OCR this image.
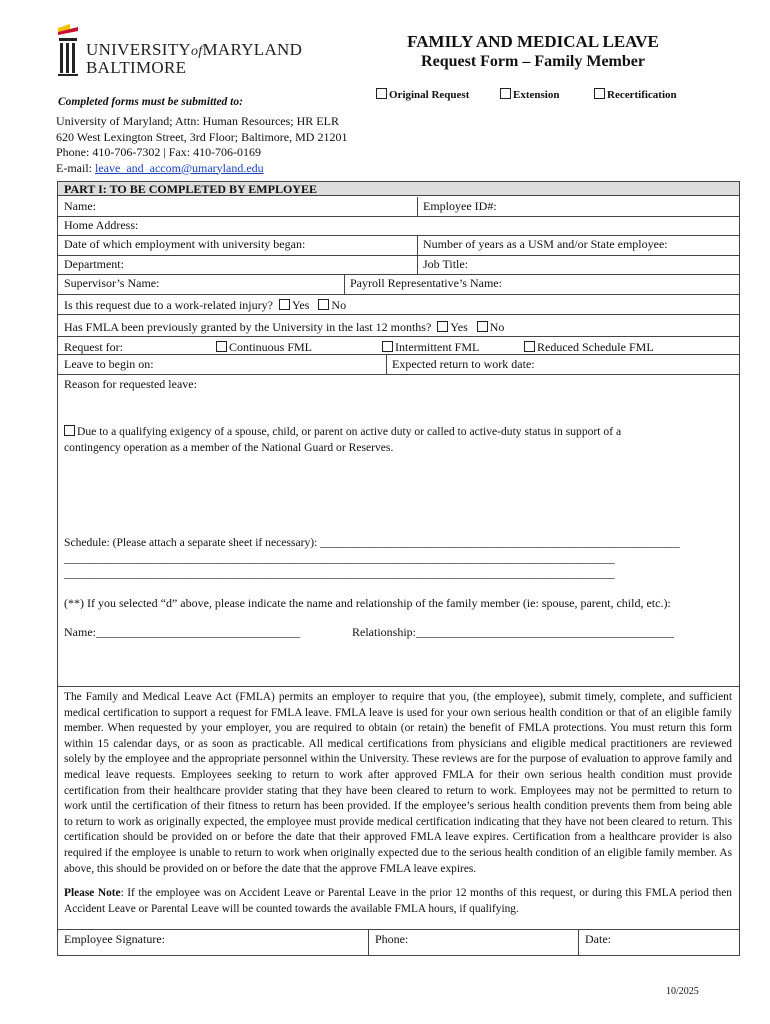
UNIVERSITYofMARYLAND
BALTIMORE
FAMILY AND MEDICAL LEAVE
Request Form – Family Member
Original Request	Extension	Recertification
Completed forms must be submitted to:
University of Maryland; Attn: Human Resources; HR ELR
620 West Lexington Street, 3rd Floor; Baltimore, MD 21201
Phone: 410-706-7302 | Fax: 410-706-0169
E-mail: leave_and_accom@umaryland.edu
PART I: TO BE COMPLETED BY EMPLOYEE
Name:	Employee ID#:
Home Address:
Date of which employment with university began:	Number of years as a USM and/or State employee:
Department:	Job Title:
Supervisor’s Name:	Payroll Representative’s Name:
Is this request due to a work-related injury? Yes No
Has FMLA been previously granted by the University in the last 12 months? Yes No
Request for:	Continuous FML	Intermittent FML	Reduced Schedule FML
Leave to begin on:	Expected return to work date:
Reason for requested leave:
Due to a qualifying exigency of a spouse, child, or parent on active duty or called to active-duty status in support of a
contingency operation as a member of the National Guard or Reserves.
Schedule: (Please attach a separate sheet if necessary): ______________________________________________________________
_______________________________________________________________________________________________
_______________________________________________________________________________________________
(**) If you selected “d” above, please indicate the name and relationship of the family member (ie: spouse, parent, child, etc.):
Name:__________________________________	Relationship:___________________________________________
The Family and Medical Leave Act (FMLA) permits an employer to require that you, (the employee), submit timely, complete, and sufficient medical certification to support a request for FMLA leave. FMLA leave is used for your own serious health condition or that of an eligible family member. When requested by your employer, you are required to obtain (or retain) the benefit of FMLA protections. You must return this form within 15 calendar days, or as soon as practicable. All medical certifications from physicians and eligible medical practitioners are reviewed solely by the employee and the appropriate personnel within the University. These reviews are for the purpose of evaluation to approve family and medical leave requests. Employees seeking to return to work after approved FMLA for their own serious health condition must provide certification from their healthcare provider stating that they have been cleared to return to work. Employees may not be permitted to return to work until the certification of their fitness to return has been provided. If the employee’s serious health condition prevents them from being able to return to work as originally expected, the employee must provide medical certification indicating that they have not been cleared to return. This certification should be provided on or before the date that their approved FMLA leave expires. Certification from a healthcare provider is also required if the employee is unable to return to work when originally expected due to the serious health condition of an eligible family member. As above, this should be provided on or before the date that the approve FMLA leave expires.
Please Note: If the employee was on Accident Leave or Parental Leave in the prior 12 months of this request, or during this FMLA period then Accident Leave or Parental Leave will be counted towards the available FMLA hours, if qualifying.
Employee Signature:	Phone:	Date:
10/2025
